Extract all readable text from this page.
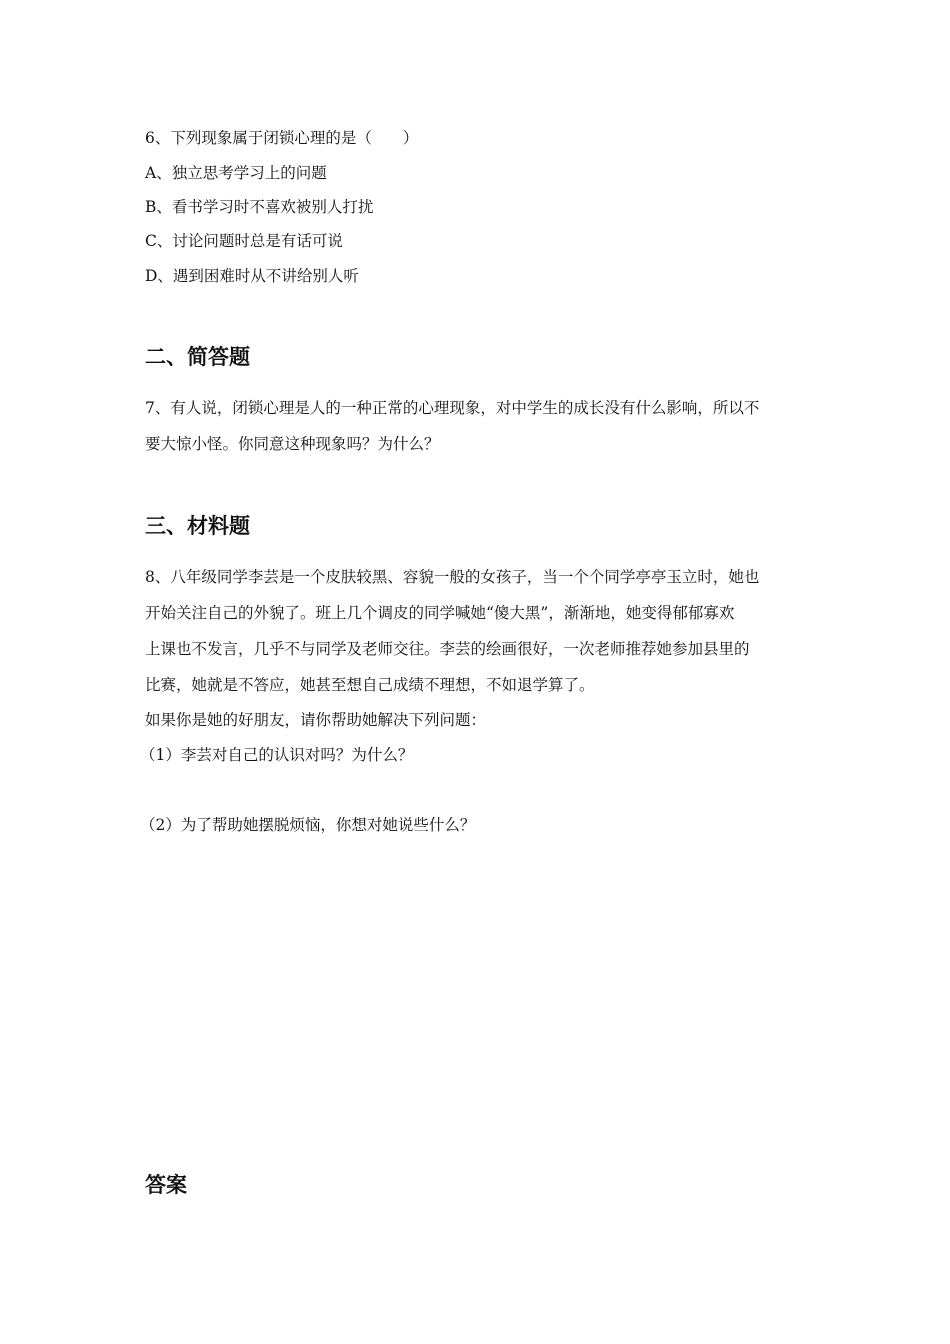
6、下列现象属于闭锁心理的是（　　）

A、独立思考学习上的问题

B、看书学习时不喜欢被别人打扰

C、讨论问题时总是有话可说

D、遇到困难时从不讲给别人听

二、简答题

7、有人说，闭锁心理是人的一种正常的心理现象，对中学生的成长没有什么影响，所以不

要大惊小怪。你同意这种现象吗？为什么？

三、材料题

8、八年级同学李芸是一个皮肤较黑、容貌一般的女孩子，当一个个同学亭亭玉立时，她也

开始关注自己的外貌了。班上几个调皮的同学喊她“傻大黑”，渐渐地，她变得郁郁寡欢

上课也不发言，几乎不与同学及老师交往。李芸的绘画很好，一次老师推荐她参加县里的

比赛，她就是不答应，她甚至想自己成绩不理想，不如退学算了。

如果你是她的好朋友，请你帮助她解决下列问题：

（1）李芸对自己的认识对吗？为什么？

（2）为了帮助她摆脱烦恼，你想对她说些什么？

答案
